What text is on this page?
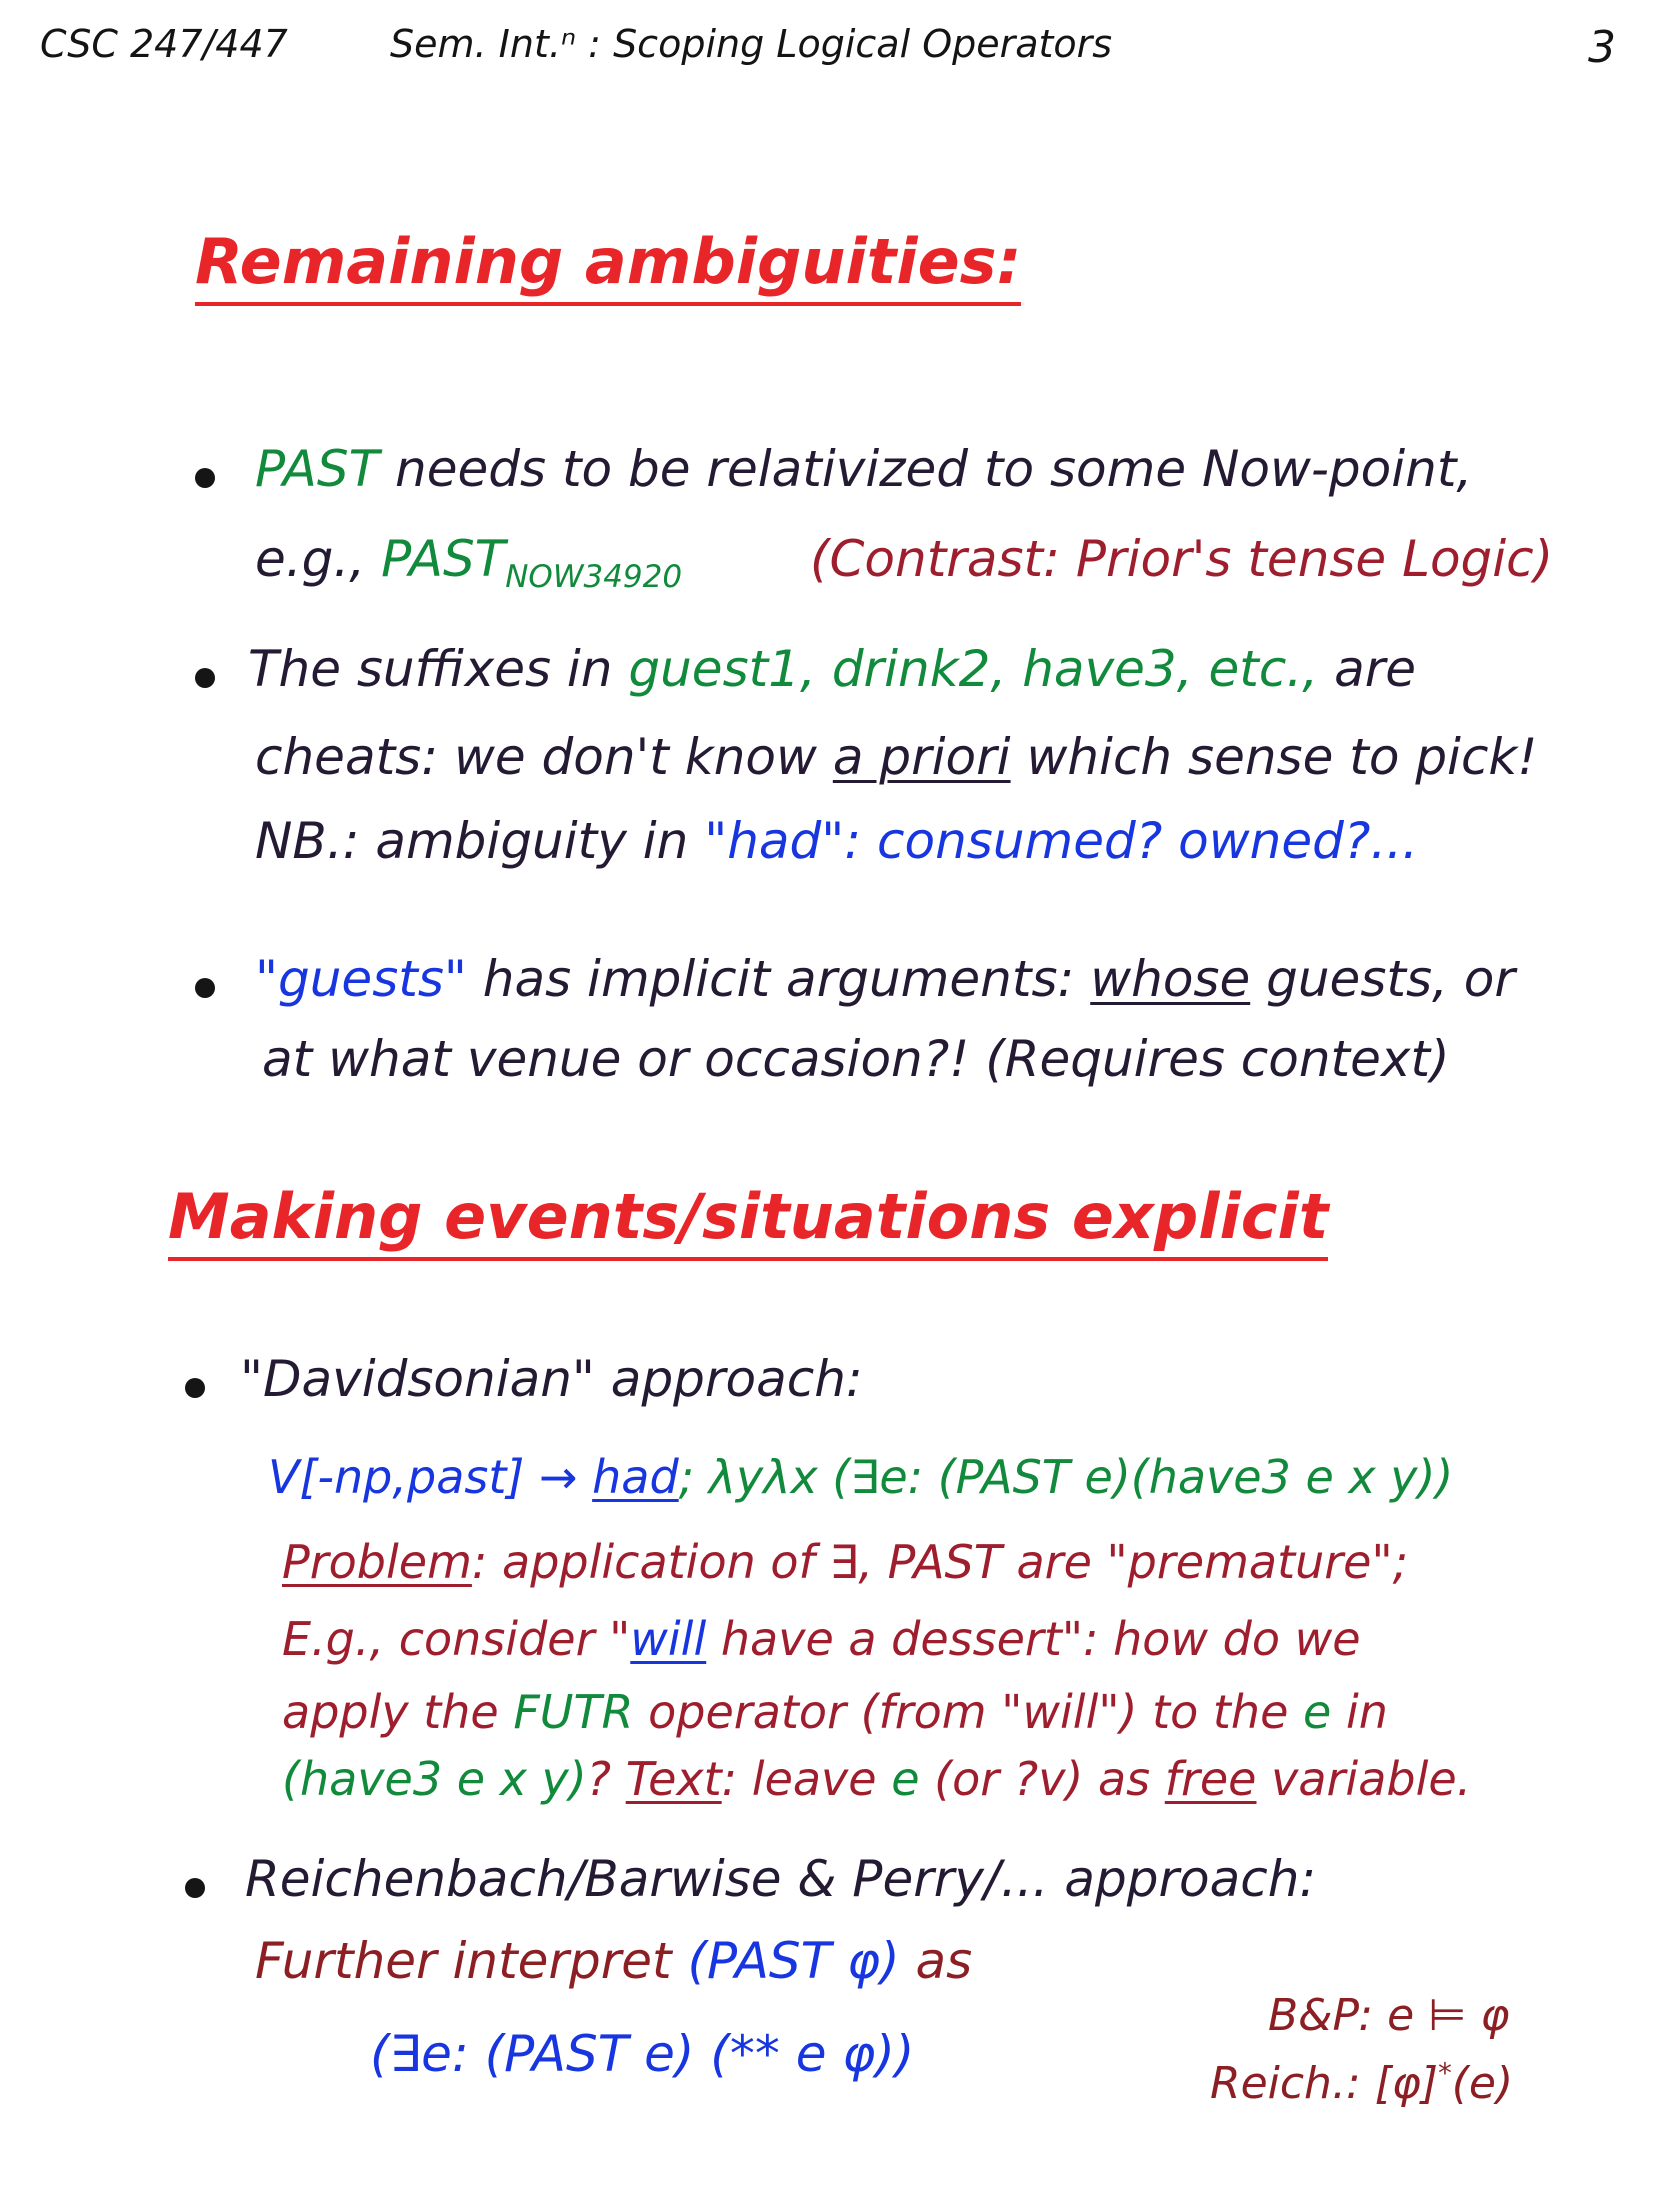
CSC 247/447	Sem. Int.ⁿ : Scoping Logical Operators	3
Remaining ambiguities:
PAST needs to be relativized to some Now-point,
e.g., $PAST_{NOW34920}$	(Contrast: Prior's tense Logic)
The suffixes in guest1, drink2, have3, etc., are
cheats: we don't know a priori which sense to pick!
NB.: ambiguity in "had": consumed? owned?...
"guests" has implicit arguments: whose guests, or
at what venue or occasion?! (Requires context)
Making events/situations explicit
"Davidsonian" approach:
V[-np,past] → had; λyλx (∃e: (PAST e)(have3 e x y))
Problem: application of ∃, PAST are "premature";
E.g., consider "will have a dessert": how do we
apply the FUTR operator (from "will") to the e in
(have3 e x y)? Text: leave e (or ?v) as free variable.
Reichenbach/Barwise & Perry/... approach:
Further interpret (PAST φ) as
(∃e: (PAST e) (** e φ))
B&P: e ⊨ φ
Reich.: [φ]*(e)
